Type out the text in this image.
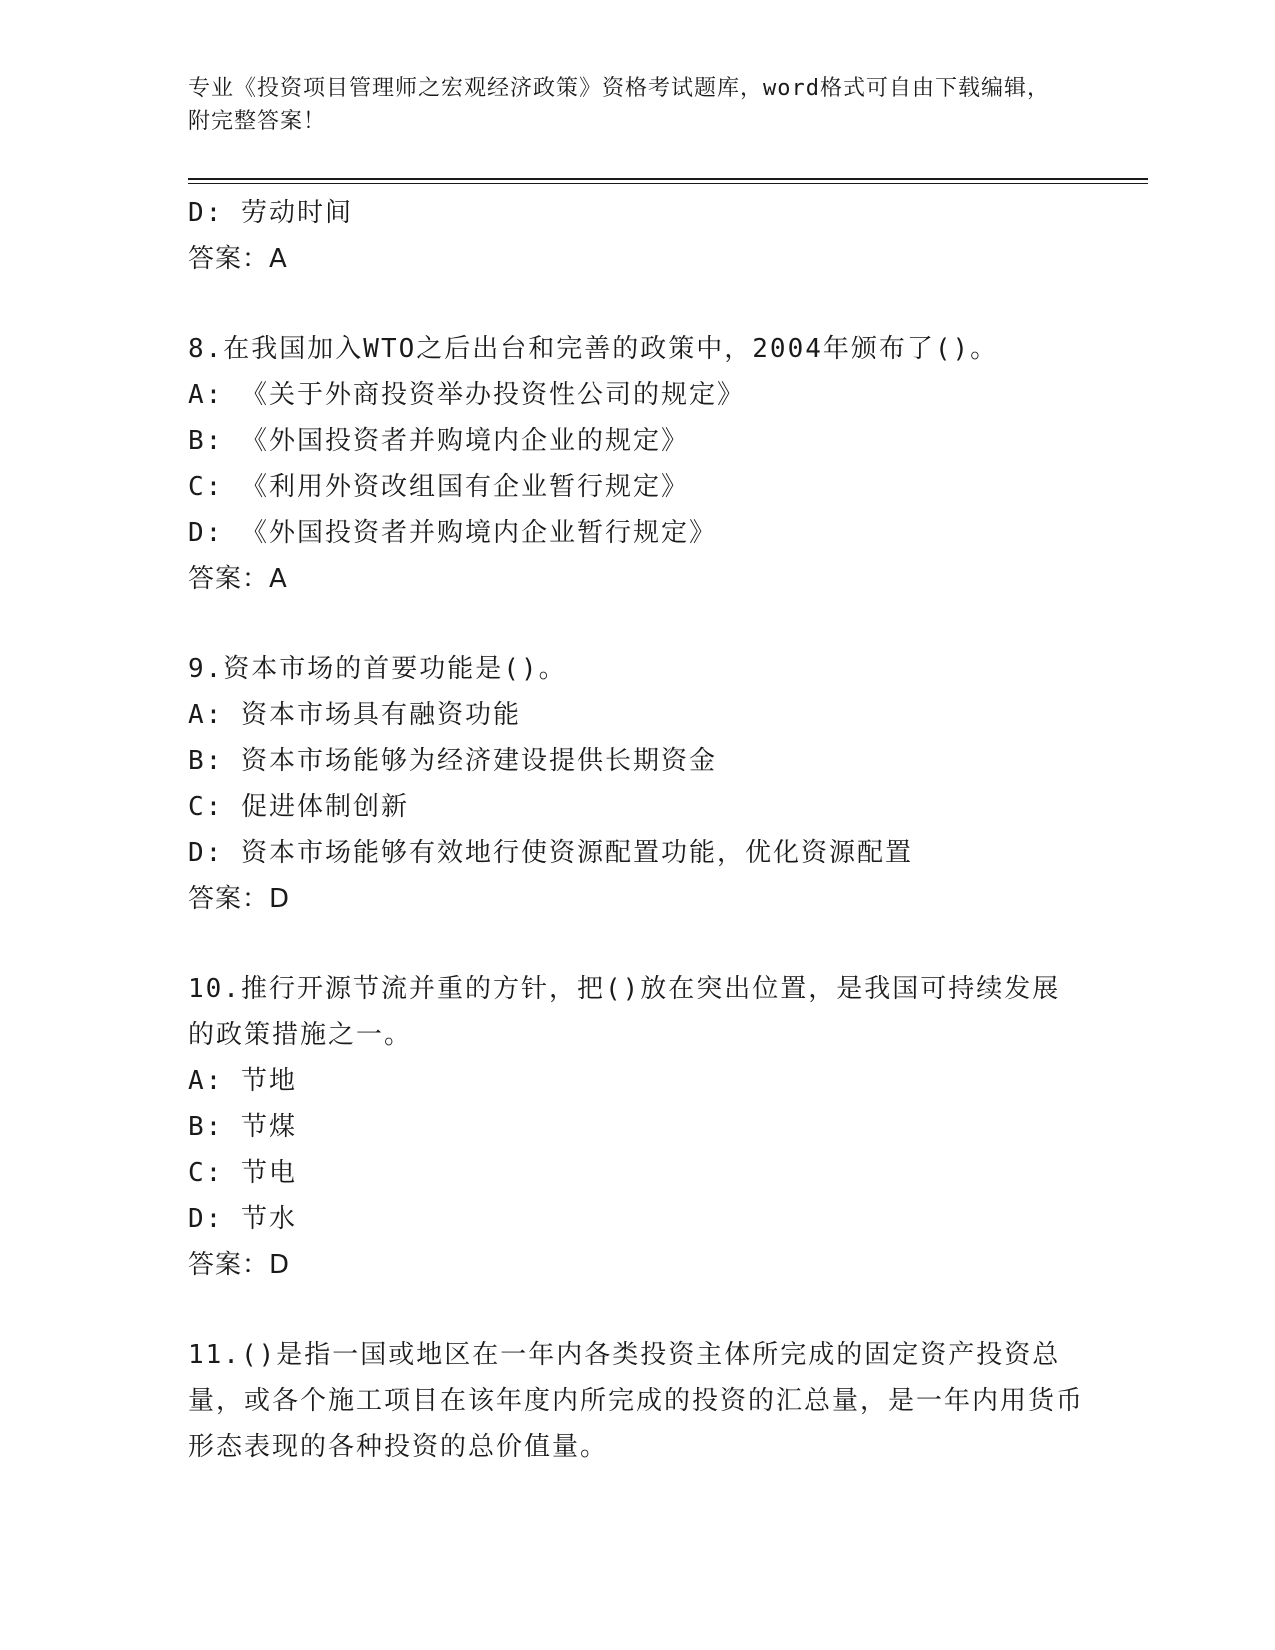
专业《投资项目管理师之宏观经济政策》资格考试题库，word格式可自由下载编辑，附完整答案！
D: 劳动时间
答案：A
8.在我国加入WTO之后出台和完善的政策中，2004年颁布了()。
A: 《关于外商投资举办投资性公司的规定》
B: 《外国投资者并购境内企业的规定》
C: 《利用外资改组国有企业暂行规定》
D: 《外国投资者并购境内企业暂行规定》
答案：A
9.资本市场的首要功能是()。
A: 资本市场具有融资功能
B: 资本市场能够为经济建设提供长期资金
C: 促进体制创新
D: 资本市场能够有效地行使资源配置功能，优化资源配置
答案：D
10.推行开源节流并重的方针，把()放在突出位置，是我国可持续发展的政策措施之一。
A: 节地
B: 节煤
C: 节电
D: 节水
答案：D
11.()是指一国或地区在一年内各类投资主体所完成的固定资产投资总量，或各个施工项目在该年度内所完成的投资的汇总量，是一年内用货币形态表现的各种投资的总价值量。
